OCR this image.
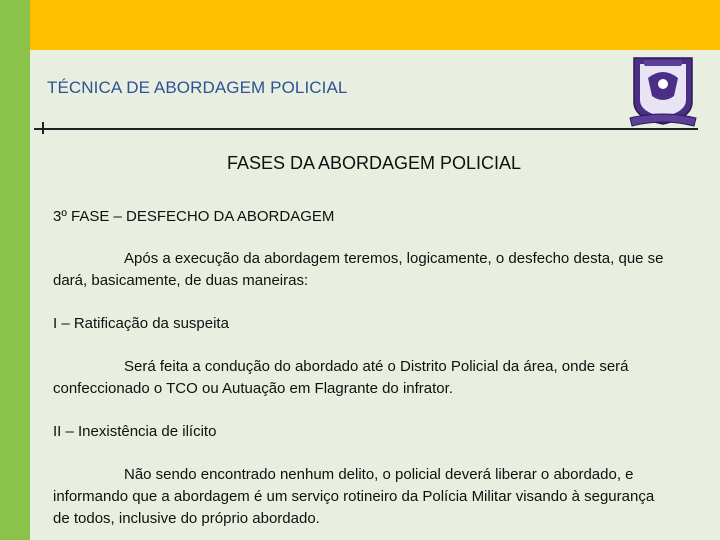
TÉCNICA DE ABORDAGEM POLICIAL
FASES DA ABORDAGEM POLICIAL

3º FASE – DESFECHO DA ABORDAGEM

Após a execução da abordagem teremos, logicamente, o desfecho desta, que se dará, basicamente, de duas maneiras:

I – Ratificação da suspeita

Será feita a condução do abordado até o Distrito Policial da área, onde será confeccionado o TCO ou Autuação em Flagrante do infrator.

II – Inexistência de ilícito

Não sendo encontrado nenhum delito, o policial deverá liberar o abordado, e informando que a abordagem é um serviço rotineiro da Polícia Militar visando à segurança de todos, inclusive do próprio abordado.
